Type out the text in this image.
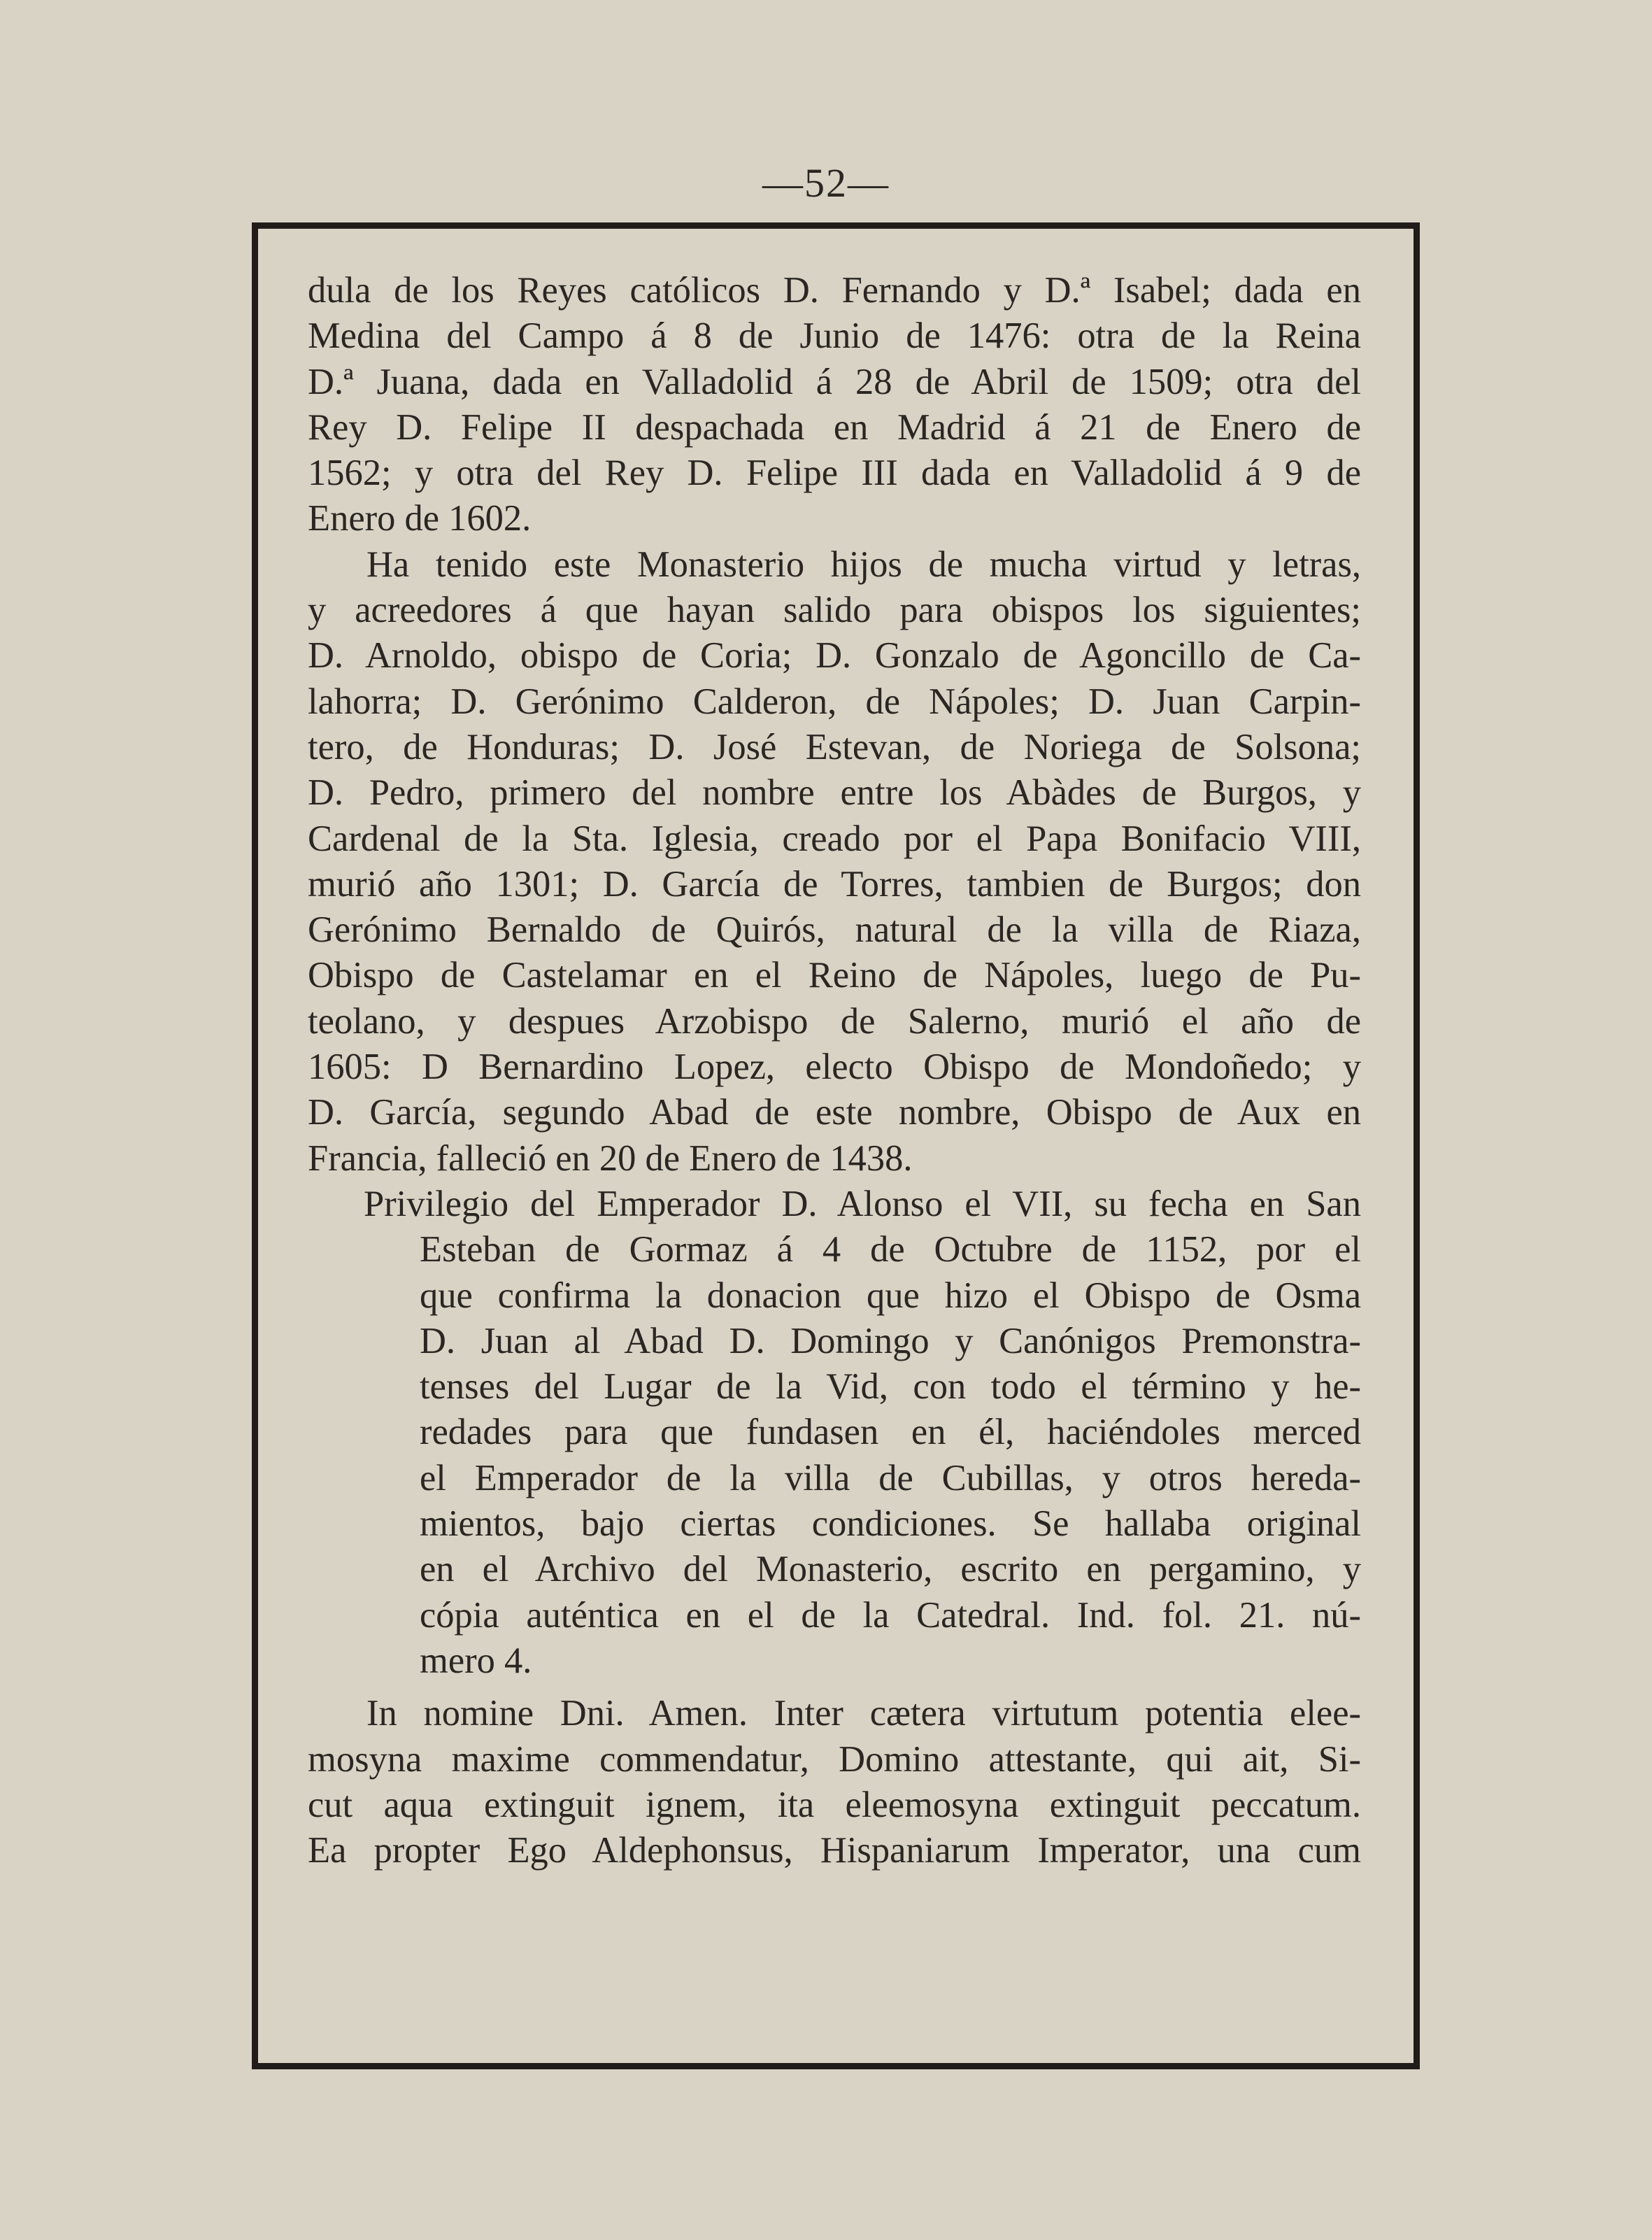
—52—

dula de los Reyes católicos D. Fernando y D.ª Isabel; dada en

Medina del Campo á 8 de Junio de 1476: otra de la Reina

D.ª Juana, dada en Valladolid á 28 de Abril de 1509; otra del

Rey D. Felipe II despachada en Madrid á 21 de Enero de

1562; y otra del Rey D. Felipe III dada en Valladolid á 9 de

Enero de 1602.

Ha tenido este Monasterio hijos de mucha virtud y letras,

y acreedores á que hayan salido para obispos los siguientes;

D. Arnoldo, obispo de Coria; D. Gonzalo de Agoncillo de Ca-

lahorra; D. Gerónimo Calderon, de Nápoles; D. Juan Carpin-

tero, de Honduras; D. José Estevan, de Noriega de Solsona;

D. Pedro, primero del nombre entre los Abàdes de Burgos, y

Cardenal de la Sta. Iglesia, creado por el Papa Bonifacio VIII,

murió año 1301; D. García de Torres, tambien de Burgos; don

Gerónimo Bernaldo de Quirós, natural de la villa de Riaza,

Obispo de Castelamar en el Reino de Nápoles, luego de Pu-

teolano, y despues Arzobispo de Salerno, murió el año de

1605: D Bernardino Lopez, electo Obispo de Mondoñedo; y

D. García, segundo Abad de este nombre, Obispo de Aux en

Francia, falleció en 20 de Enero de 1438.

Privilegio del Emperador D. Alonso el VII, su fecha en San

Esteban de Gormaz á 4 de Octubre de 1152, por el

que confirma la donacion que hizo el Obispo de Osma

D. Juan al Abad D. Domingo y Canónigos Premonstra-

tenses del Lugar de la Vid, con todo el término y he-

redades para que fundasen en él, haciéndoles merced

el Emperador de la villa de Cubillas, y otros hereda-

mientos, bajo ciertas condiciones. Se hallaba original

en el Archivo del Monasterio, escrito en pergamino, y

cópia auténtica en el de la Catedral. Ind. fol. 21. nú-

mero 4.

In nomine Dni. Amen. Inter cætera virtutum potentia elee-

mosyna maxime commendatur, Domino attestante, qui ait, Si-

cut aqua extinguit ignem, ita eleemosyna extinguit peccatum.

Ea propter Ego Aldephonsus, Hispaniarum Imperator, una cum
